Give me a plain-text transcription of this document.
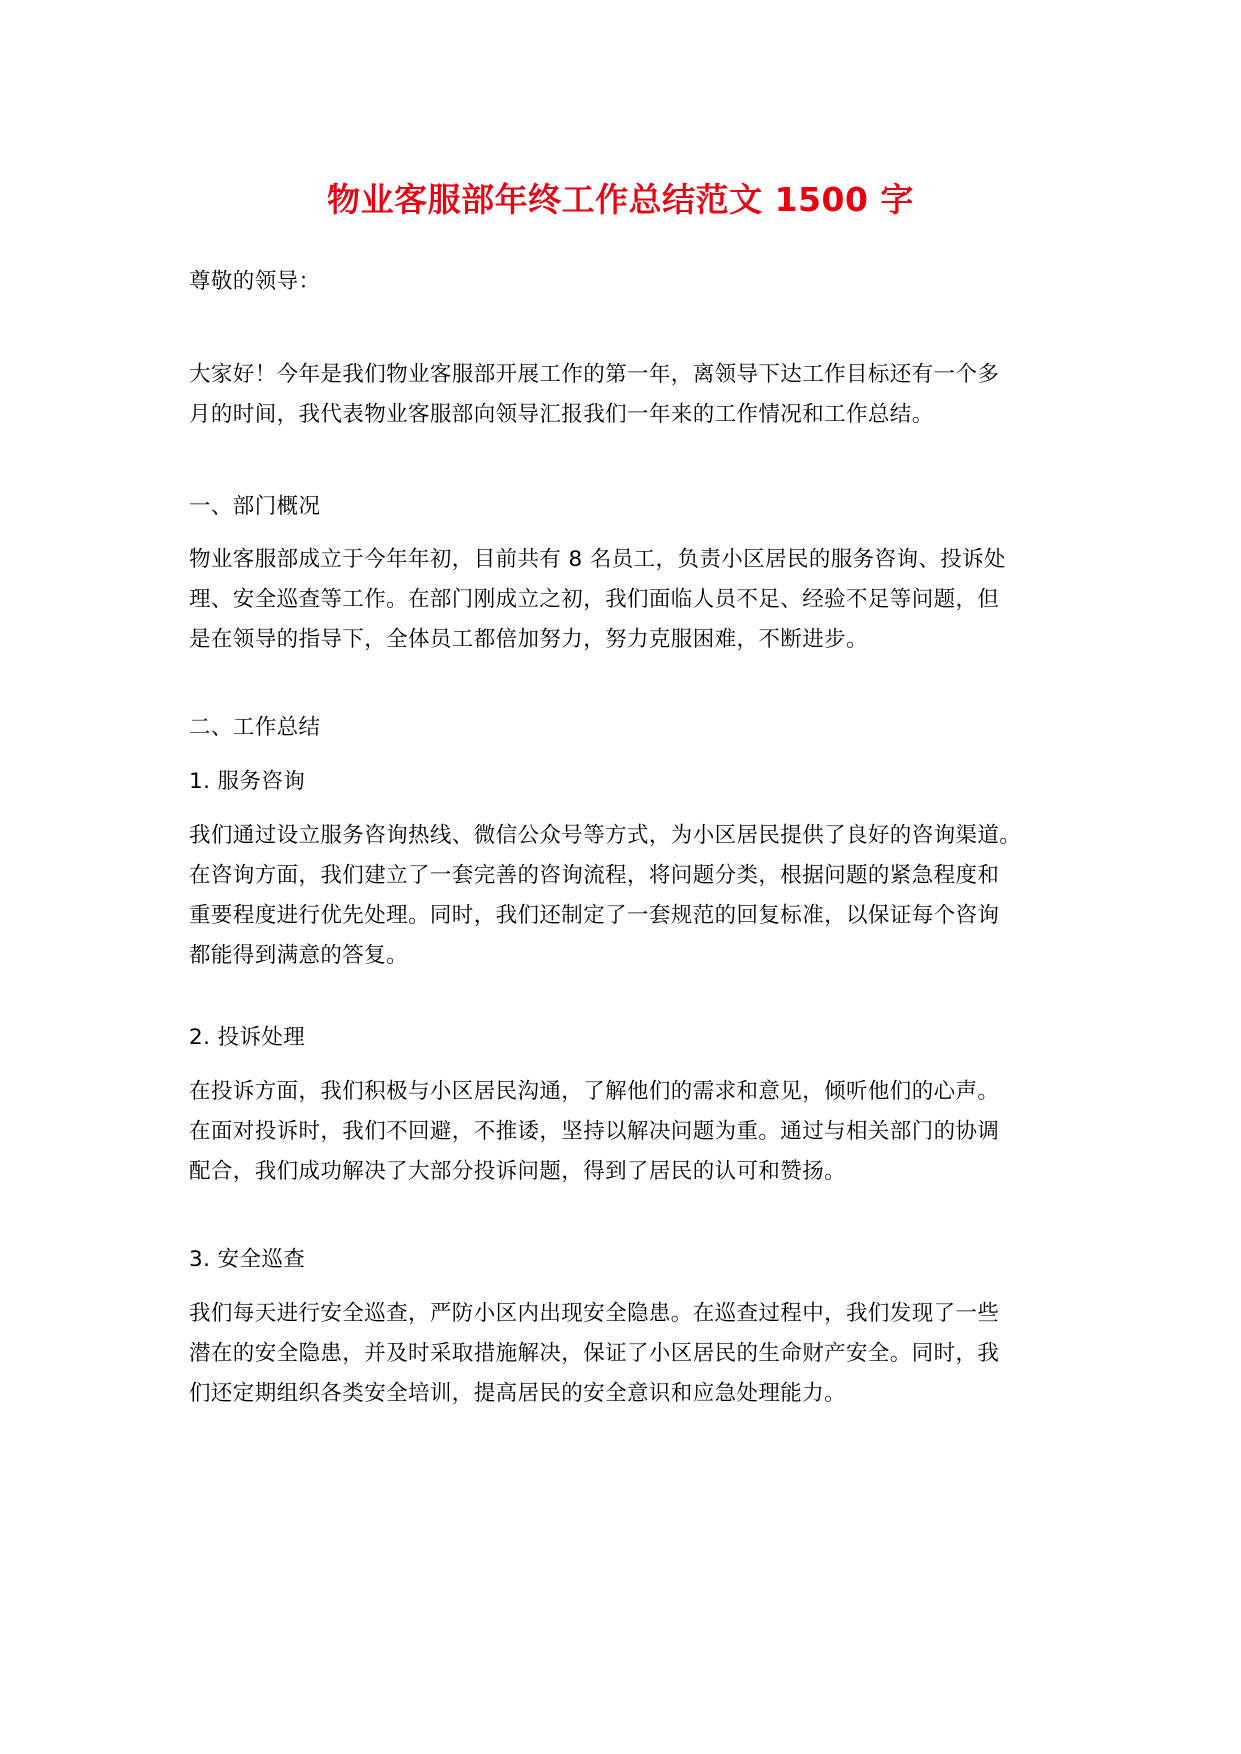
物业客服部年终工作总结范文 1500 字

尊敬的领导：

大家好！今年是我们物业客服部开展工作的第一年，离领导下达工作目标还有一个多
月的时间，我代表物业客服部向领导汇报我们一年来的工作情况和工作总结。

一、部门概况

物业客服部成立于今年年初，目前共有 8 名员工，负责小区居民的服务咨询、投诉处
理、安全巡查等工作。在部门刚成立之初，我们面临人员不足、经验不足等问题，但
是在领导的指导下，全体员工都倍加努力，努力克服困难，不断进步。

二、工作总结

1. 服务咨询

我们通过设立服务咨询热线、微信公众号等方式，为小区居民提供了良好的咨询渠道。
在咨询方面，我们建立了一套完善的咨询流程，将问题分类，根据问题的紧急程度和
重要程度进行优先处理。同时，我们还制定了一套规范的回复标准，以保证每个咨询
都能得到满意的答复。

2. 投诉处理

在投诉方面，我们积极与小区居民沟通，了解他们的需求和意见，倾听他们的心声。
在面对投诉时，我们不回避，不推诿，坚持以解决问题为重。通过与相关部门的协调
配合，我们成功解决了大部分投诉问题，得到了居民的认可和赞扬。

3. 安全巡查

我们每天进行安全巡查，严防小区内出现安全隐患。在巡查过程中，我们发现了一些
潜在的安全隐患，并及时采取措施解决，保证了小区居民的生命财产安全。同时，我
们还定期组织各类安全培训，提高居民的安全意识和应急处理能力。
